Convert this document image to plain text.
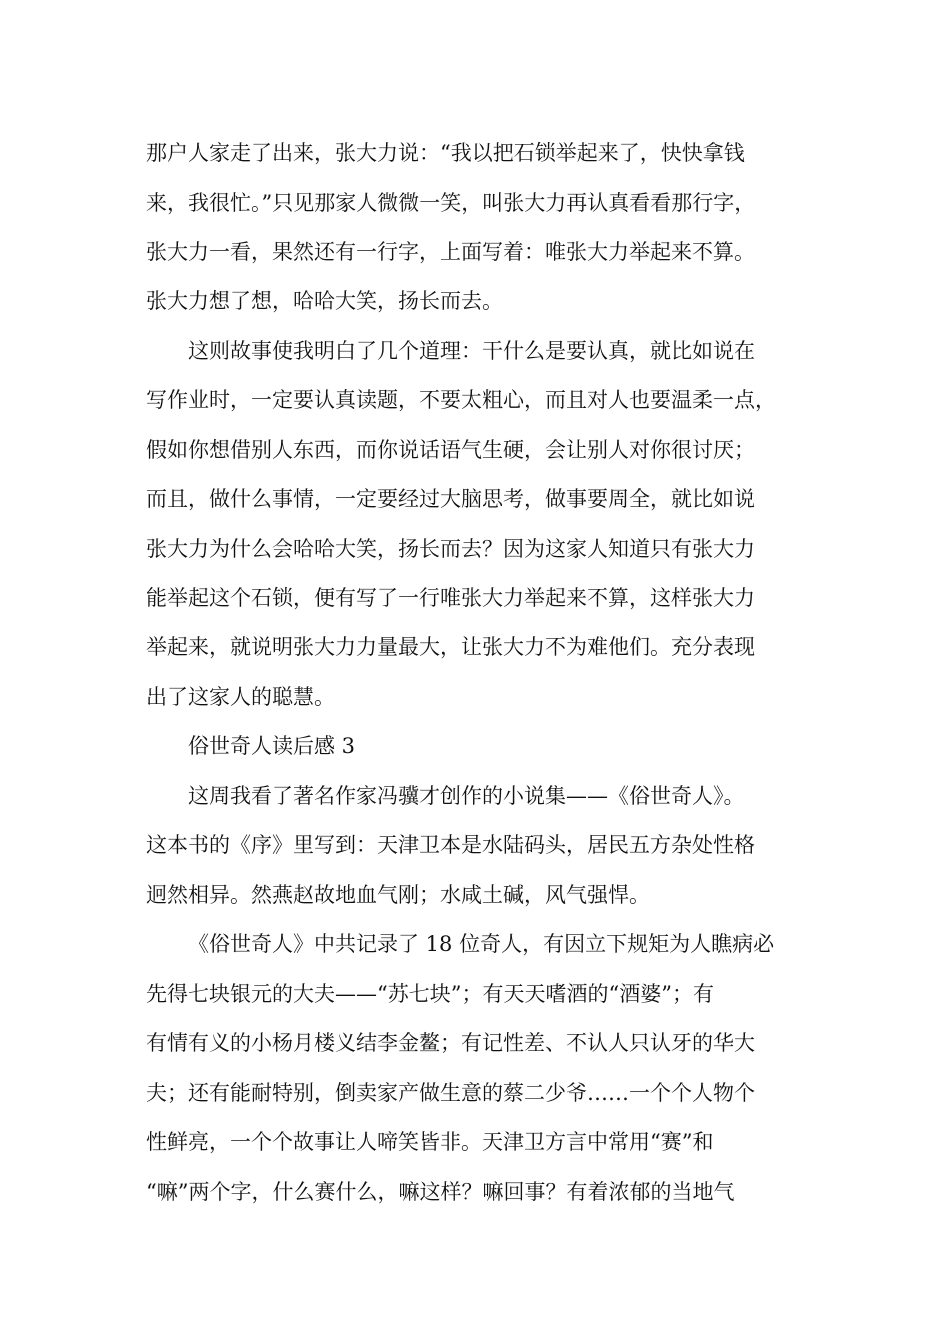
那户人家走了出来，张大力说：“我以把石锁举起来了，快快拿钱
来，我很忙。”只见那家人微微一笑，叫张大力再认真看看那行字，
张大力一看，果然还有一行字，上面写着：唯张大力举起来不算。
张大力想了想，哈哈大笑，扬长而去。
这则故事使我明白了几个道理：干什么是要认真，就比如说在
写作业时，一定要认真读题，不要太粗心，而且对人也要温柔一点，
假如你想借别人东西，而你说话语气生硬，会让别人对你很讨厌；
而且，做什么事情，一定要经过大脑思考，做事要周全，就比如说
张大力为什么会哈哈大笑，扬长而去？因为这家人知道只有张大力
能举起这个石锁，便有写了一行唯张大力举起来不算，这样张大力
举起来，就说明张大力力量最大，让张大力不为难他们。充分表现
出了这家人的聪慧。
俗世奇人读后感 3
这周我看了著名作家冯骥才创作的小说集——《俗世奇人》。
这本书的《序》里写到：天津卫本是水陆码头，居民五方杂处性格
迥然相异。然燕赵故地血气刚；水咸土碱，风气强悍。
《俗世奇人》中共记录了 18 位奇人，有因立下规矩为人瞧病必
先得七块银元的大夫——“苏七块”；有天天嗜酒的“酒婆”；有
有情有义的小杨月楼义结李金鳌；有记性差、不认人只认牙的华大
夫；还有能耐特别，倒卖家产做生意的蔡二少爷……一个个人物个
性鲜亮，一个个故事让人啼笑皆非。天津卫方言中常用“赛”和
“嘛”两个字，什么赛什么，嘛这样？嘛回事？有着浓郁的当地气
